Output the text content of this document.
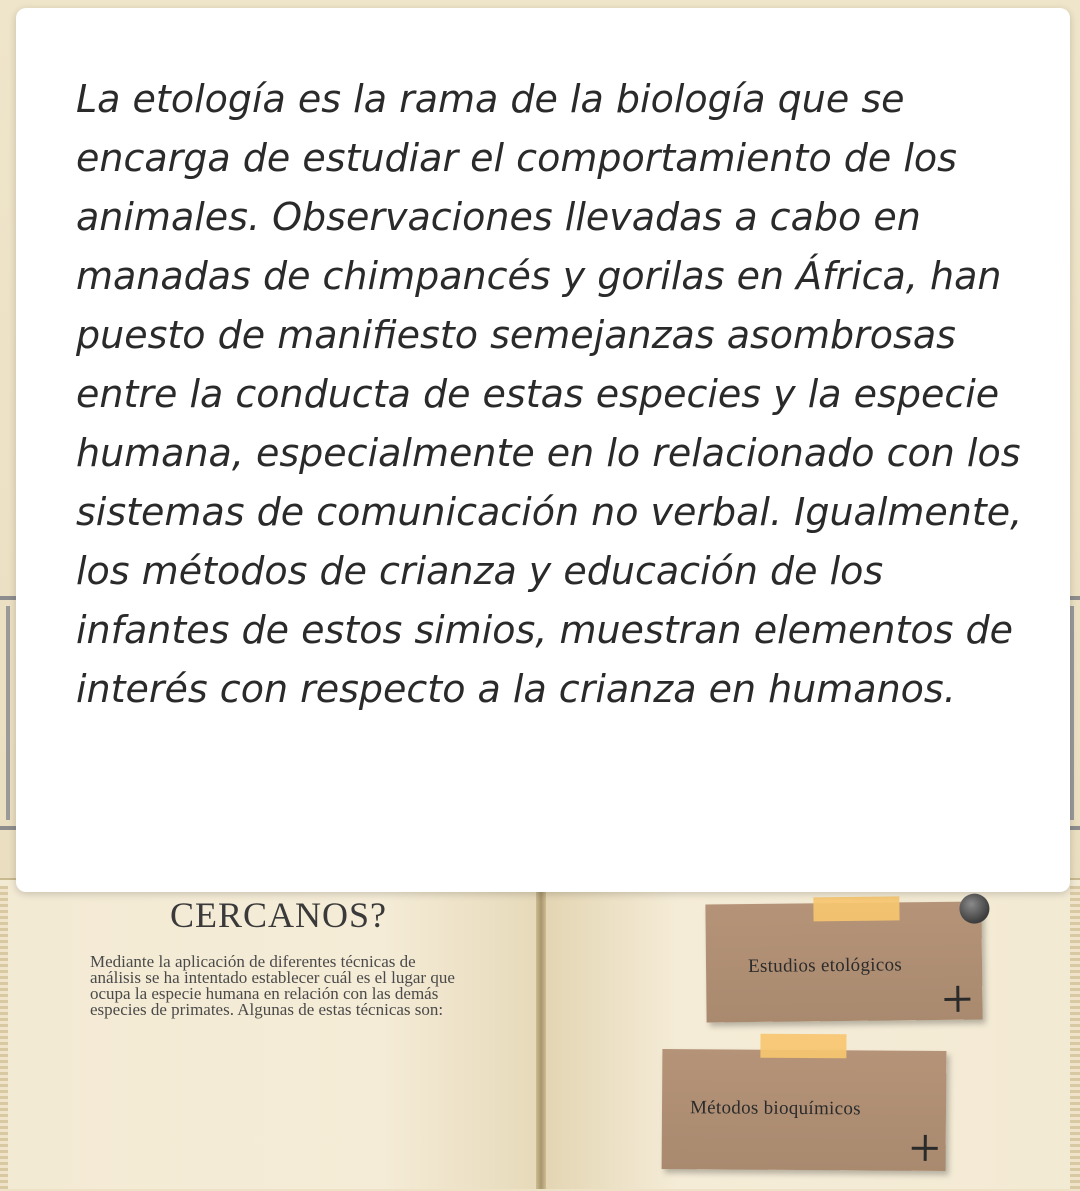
CERCANOS?
Mediante la aplicación de diferentes técnicas de análisis se ha intentado establecer cuál es el lugar que ocupa la especie humana en relación con las demás especies de primates. Algunas de estas técnicas son:
Estudios etológicos
Métodos bioquímicos

La etología es la rama de la biología que se encarga de estudiar el comportamiento de los animales. Observaciones llevadas a cabo en manadas de chimpancés y gorilas en África, han puesto de manifiesto semejanzas asombrosas entre la conducta de estas especies y la especie humana, especialmente en lo relacionado con los sistemas de comunicación no verbal. Igualmente, los métodos de crianza y educación de los infantes de estos simios, muestran elementos de interés con respecto a la crianza en humanos.
